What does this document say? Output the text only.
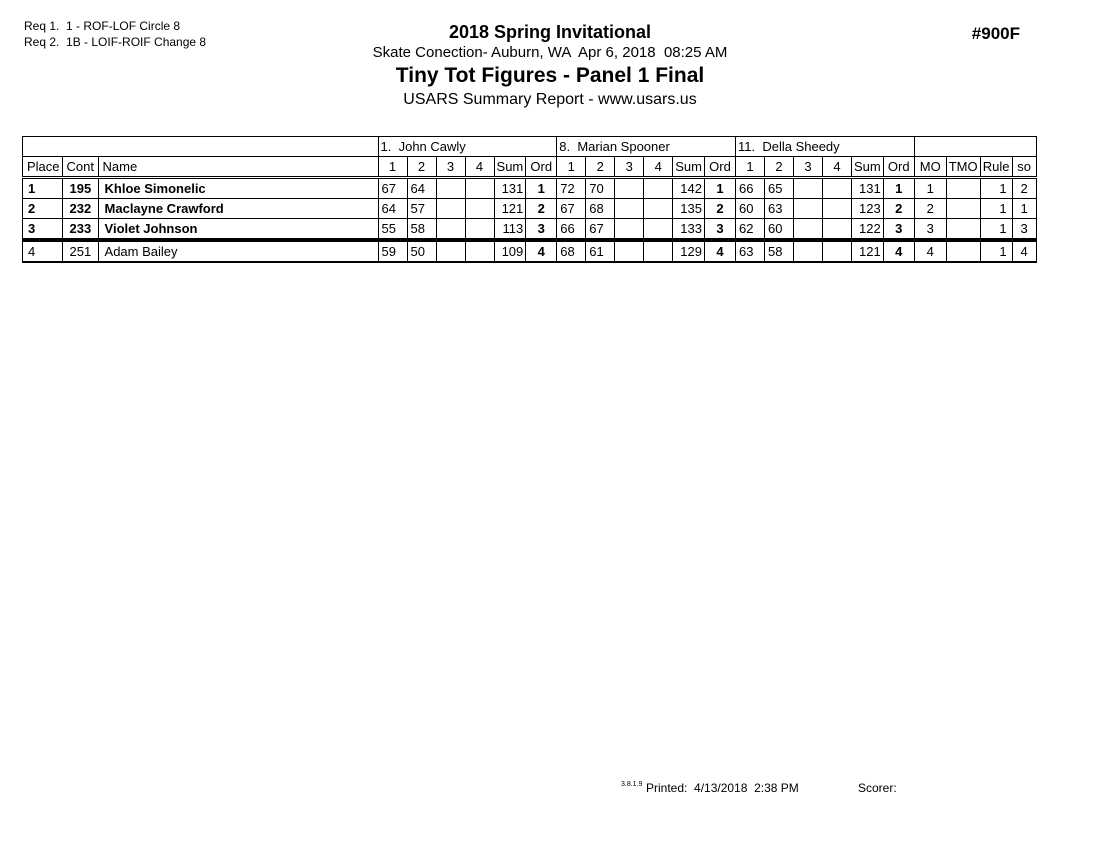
Req 1.  1 - ROF-LOF Circle 8
Req 2.  1B - LOIF-ROIF Change 8	2018 Spring Invitational
Skate Conection- Auburn, WA  Apr 6, 2018  08:25 AM
Tiny Tot Figures - Panel 1 Final
USARS Summary Report - www.usars.us
#900F
			1.  John Cawly						8.  Marian Spooner						11.  Della Sheedy									
Place	Cont	Name	1	2	3	4	Sum	Ord	1	2	3	4	Sum	Ord	1	2	3	4	Sum	Ord	MO	TMO	Rule	so
1	195	Khloe Simonelic	67	64			131	1	72	70			142	1	66	65			131	1	1		1	2
2	232	Maclayne Crawford	64	57			121	2	67	68			135	2	60	63			123	2	2		1	1
3	233	Violet Johnson	55	58			113	3	66	67			133	3	62	60			122	3	3		1	3
4	251	Adam Bailey	59	50			109	4	68	61			129	4	63	58			121	4	4		1	4
3.8.1.9 Printed:  4/13/2018  2:38 PM	Scorer:
